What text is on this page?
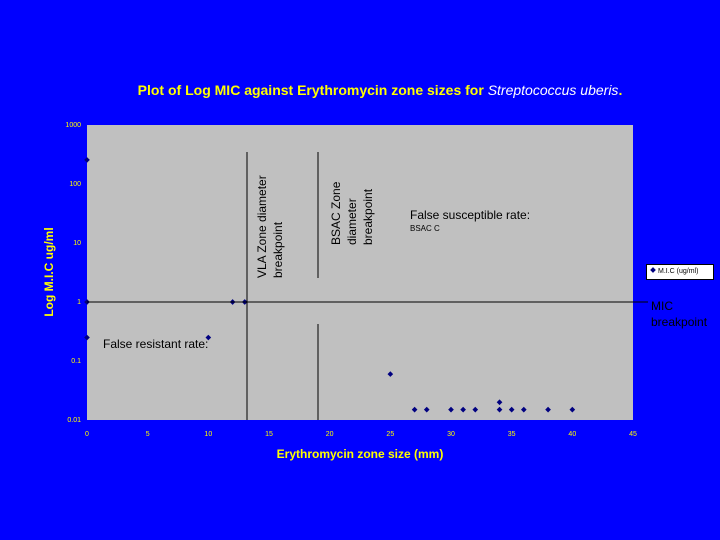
Plot of Log MIC against Erythromycin zone sizes for Streptococcus uberis.
0	5	10	15	20	25	30	35	40	45
0.01
0.1
1
10
100
1000
VLA Zone diameter breakpoint
BSAC Zone diameter breakpoint	False susceptible rate:
BSAC C
False resistant rate:
Erythromycin zone size (mm)
Log M.I.C ug/ml	M.I.C (ug/ml)
MIC breakpoint
